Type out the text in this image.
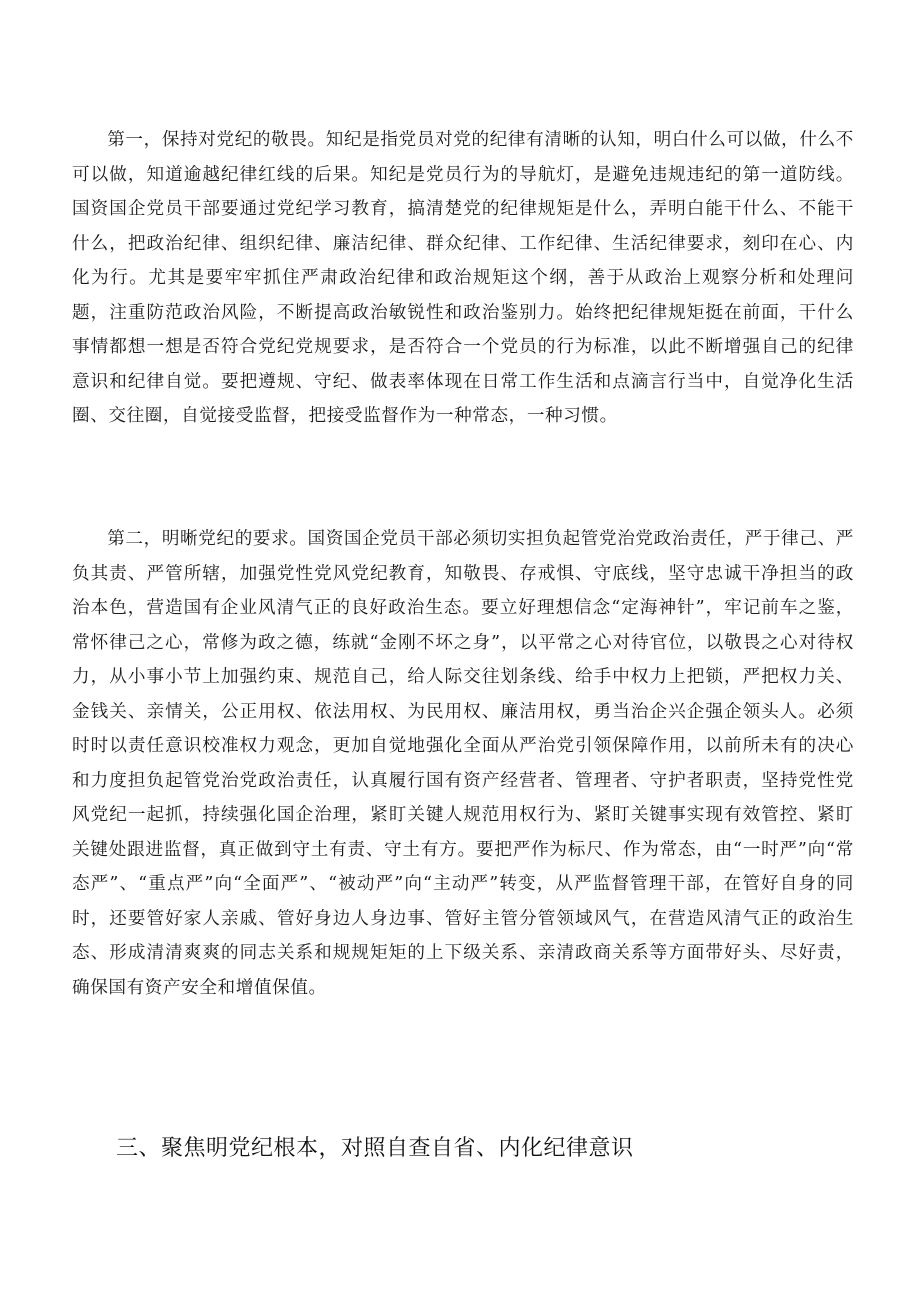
第一，保持对党纪的敬畏。知纪是指党员对党的纪律有清晰的认知，明白什么可以做，什么不可以做，知道逾越纪律红线的后果。知纪是党员行为的导航灯，是避免违规违纪的第一道防线。国资国企党员干部要通过党纪学习教育，搞清楚党的纪律规矩是什么，弄明白能干什么、不能干什么，把政治纪律、组织纪律、廉洁纪律、群众纪律、工作纪律、生活纪律要求，刻印在心、内化为行。尤其是要牢牢抓住严肃政治纪律和政治规矩这个纲，善于从政治上观察分析和处理问题，注重防范政治风险，不断提高政治敏锐性和政治鉴别力。始终把纪律规矩挺在前面，干什么事情都想一想是否符合党纪党规要求，是否符合一个党员的行为标准，以此不断增强自己的纪律意识和纪律自觉。要把遵规、守纪、做表率体现在日常工作生活和点滴言行当中，自觉净化生活圈、交往圈，自觉接受监督，把接受监督作为一种常态，一种习惯。

第二，明晰党纪的要求。国资国企党员干部必须切实担负起管党治党政治责任，严于律己、严负其责、严管所辖，加强党性党风党纪教育，知敬畏、存戒惧、守底线，坚守忠诚干净担当的政治本色，营造国有企业风清气正的良好政治生态。要立好理想信念“定海神针”，牢记前车之鉴，常怀律己之心，常修为政之德，练就“金刚不坏之身”，以平常之心对待官位，以敬畏之心对待权力，从小事小节上加强约束、规范自己，给人际交往划条线、给手中权力上把锁，严把权力关、金钱关、亲情关，公正用权、依法用权、为民用权、廉洁用权，勇当治企兴企强企领头人。必须时时以责任意识校准权力观念，更加自觉地强化全面从严治党引领保障作用，以前所未有的决心和力度担负起管党治党政治责任，认真履行国有资产经营者、管理者、守护者职责，坚持党性党风党纪一起抓，持续强化国企治理，紧盯关键人规范用权行为、紧盯关键事实现有效管控、紧盯关键处跟进监督，真正做到守土有责、守土有方。要把严作为标尺、作为常态，由“一时严”向“常态严”、“重点严”向“全面严”、“被动严”向“主动严”转变，从严监督管理干部，在管好自身的同时，还要管好家人亲戚、管好身边人身边事、管好主管分管领域风气，在营造风清气正的政治生态、形成清清爽爽的同志关系和规规矩矩的上下级关系、亲清政商关系等方面带好头、尽好责，确保国有资产安全和增值保值。

三、聚焦明党纪根本，对照自查自省、内化纪律意识
